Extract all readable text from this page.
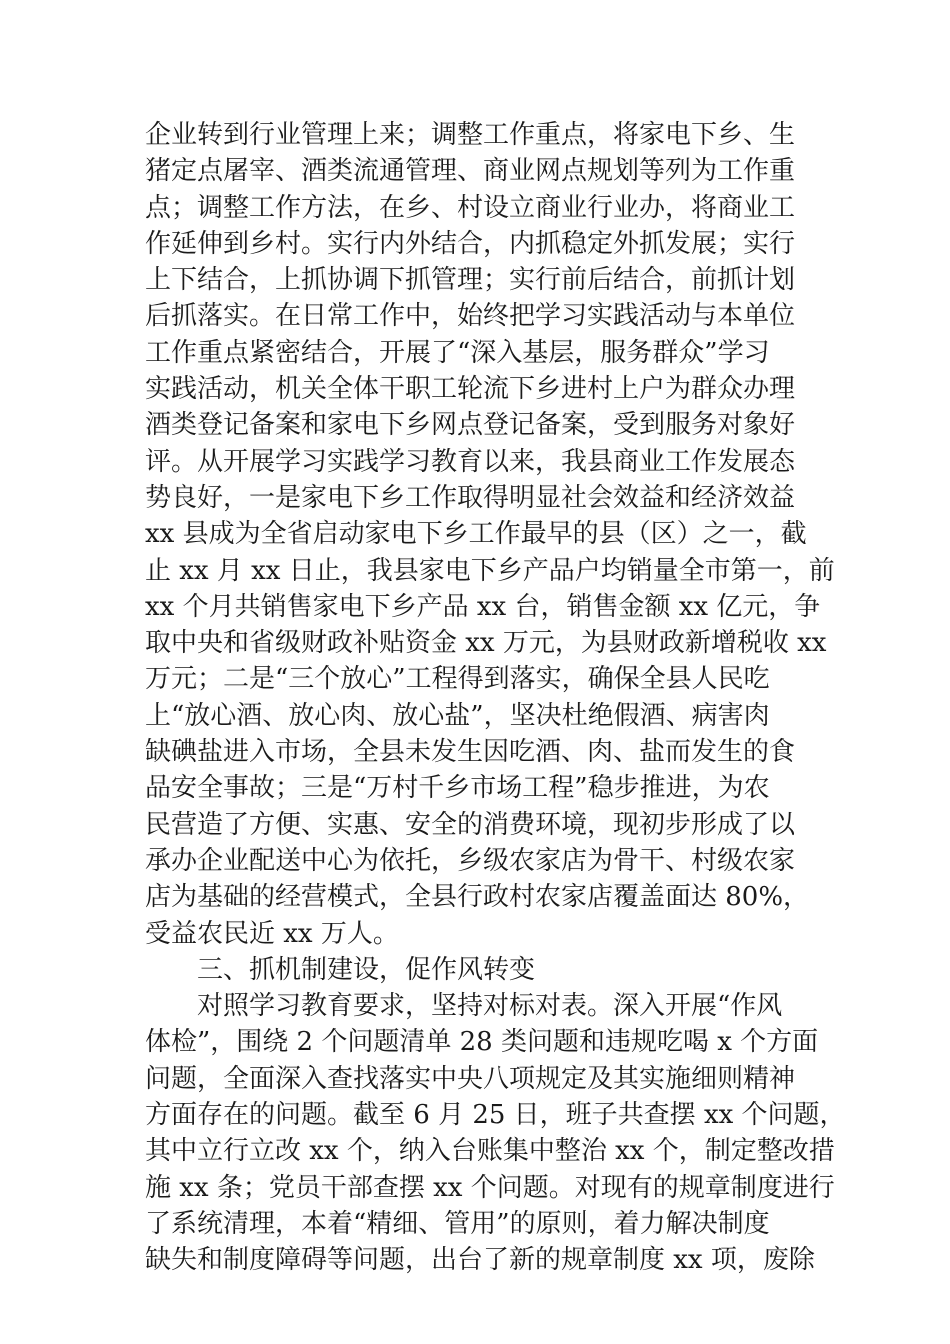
企业转到行业管理上来；调整工作重点，将家电下乡、生
猪定点屠宰、酒类流通管理、商业网点规划等列为工作重
点；调整工作方法，在乡、村设立商业行业办，将商业工
作延伸到乡村。实行内外结合，内抓稳定外抓发展；实行
上下结合，上抓协调下抓管理；实行前后结合，前抓计划
后抓落实。在日常工作中，始终把学习实践活动与本单位
工作重点紧密结合，开展了“深入基层，服务群众”学习
实践活动，机关全体干职工轮流下乡进村上户为群众办理
酒类登记备案和家电下乡网点登记备案，受到服务对象好
评。从开展学习实践学习教育以来，我县商业工作发展态
势良好，一是家电下乡工作取得明显社会效益和经济效益
xx 县成为全省启动家电下乡工作最早的县（区）之一，截
止 xx 月 xx 日止，我县家电下乡产品户均销量全市第一，前
xx 个月共销售家电下乡产品 xx 台，销售金额 xx 亿元，争
取中央和省级财政补贴资金 xx 万元，为县财政新增税收 xx
万元；二是“三个放心”工程得到落实，确保全县人民吃
上“放心酒、放心肉、放心盐”，坚决杜绝假酒、病害肉
缺碘盐进入市场，全县未发生因吃酒、肉、盐而发生的食
品安全事故；三是“万村千乡市场工程”稳步推进，为农
民营造了方便、实惠、安全的消费环境，现初步形成了以
承办企业配送中心为依托，乡级农家店为骨干、村级农家
店为基础的经营模式，全县行政村农家店覆盖面达 80%，
受益农民近 xx 万人。
三、抓机制建设，促作风转变
对照学习教育要求，坚持对标对表。深入开展“作风
体检”，围绕 2 个问题清单 28 类问题和违规吃喝 x 个方面
问题，全面深入查找落实中央八项规定及其实施细则精神
方面存在的问题。截至 6 月 25 日，班子共查摆 xx 个问题，
其中立行立改 xx 个，纳入台账集中整治 xx 个，制定整改措
施 xx 条；党员干部查摆 xx 个问题。对现有的规章制度进行
了系统清理，本着“精细、管用”的原则，着力解决制度
缺失和制度障碍等问题，出台了新的规章制度 xx 项，废除
